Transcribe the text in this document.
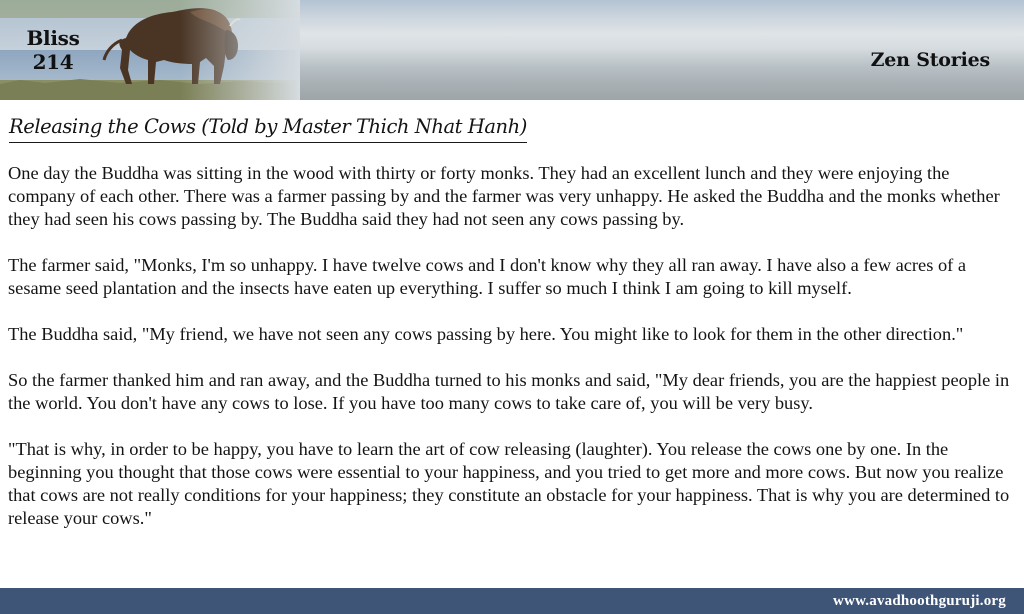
Bliss
214	Zen Stories
Releasing the Cows (Told by Master Thich Nhat Hanh)

One day the Buddha was sitting in the wood with thirty or forty monks. They had an excellent lunch and they were enjoying the company of each other. There was a farmer passing by and the farmer was very unhappy. He asked the Buddha and the monks whether they had seen his cows passing by. The Buddha said they had not seen any cows passing by.

The farmer said, "Monks, I'm so unhappy. I have twelve cows and I don't know why they all ran away. I have also a few acres of a sesame seed plantation and the insects have eaten up everything. I suffer so much I think I am going to kill myself.

The Buddha said, "My friend, we have not seen any cows passing by here. You might like to look for them in the other direction."

So the farmer thanked him and ran away, and the Buddha turned to his monks and said, "My dear friends, you are the happiest people in the world. You don't have any cows to lose. If you have too many cows to take care of, you will be very busy.

"That is why, in order to be happy, you have to learn the art of cow releasing (laughter). You release the cows one by one. In the beginning you thought that those cows were essential to your happiness, and you tried to get more and more cows. But now you realize that cows are not really conditions for your happiness; they constitute an obstacle for your happiness. That is why you are determined to release your cows."

www.avadhoothguruji.org
